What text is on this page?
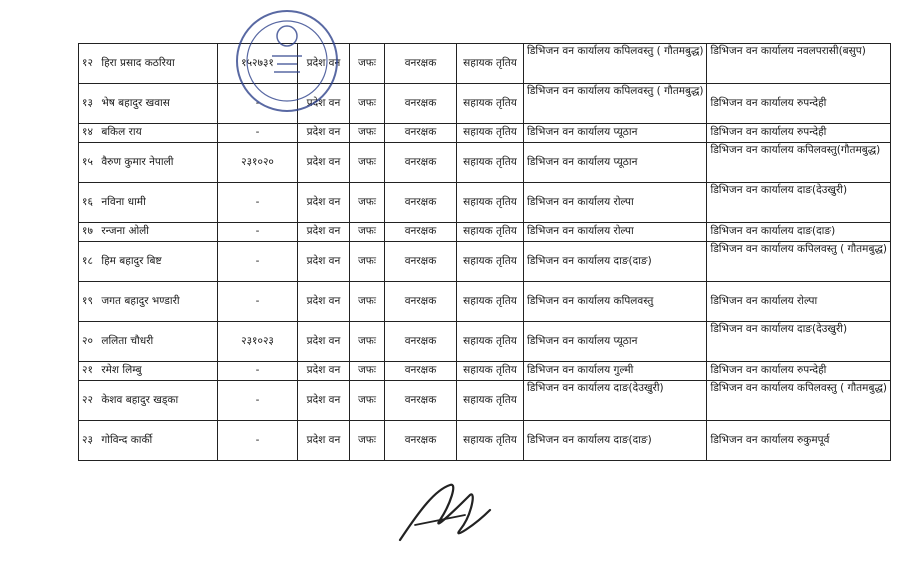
१२ हिरा प्रसाद कठरिया	१५२७३१	प्रदेश वन	जफः	वनरक्षक	सहायक तृतिय	डिभिजन वन कार्यालय कपिलवस्तु ( गौतमबुद्ध)	डिभिजन वन कार्यालय नवलपरासी(बसुप)
१३ भेष बहादुर खवास	-	प्रदेश वन	जफः	वनरक्षक	सहायक तृतिय	डिभिजन वन कार्यालय कपिलवस्तु ( गौतमबुद्ध)	डिभिजन वन कार्यालय रुपन्देही
१४ बकिल राय	-	प्रदेश वन	जफः	वनरक्षक	सहायक तृतिय	डिभिजन वन कार्यालय प्यूठान	डिभिजन वन कार्यालय रुपन्देही
१५ वैरुण कुमार नेपाली	२३१०२०	प्रदेश वन	जफः	वनरक्षक	सहायक तृतिय	डिभिजन वन कार्यालय प्यूठान	डिभिजन वन कार्यालय कपिलवस्तु(गौतमबुद्ध)
१६ नविना धामी	-	प्रदेश वन	जफः	वनरक्षक	सहायक तृतिय	डिभिजन वन कार्यालय रोल्पा	डिभिजन वन कार्यालय दाङ(देउखुरी)
१७ रन्जना ओली	-	प्रदेश वन	जफः	वनरक्षक	सहायक तृतिय	डिभिजन वन कार्यालय रोल्पा	डिभिजन वन कार्यालय दाङ(दाङ)
१८ हिम बहादुर बिष्ट	-	प्रदेश वन	जफः	वनरक्षक	सहायक तृतिय	डिभिजन वन कार्यालय दाङ(दाङ)	डिभिजन वन कार्यालय कपिलवस्तु ( गौतमबुद्ध)
१९ जगत बहादुर भण्डारी	-	प्रदेश वन	जफः	वनरक्षक	सहायक तृतिय	डिभिजन वन कार्यालय कपिलवस्तु	डिभिजन वन कार्यालय रोल्पा
२० ललिता चौधरी	२३१०२३	प्रदेश वन	जफः	वनरक्षक	सहायक तृतिय	डिभिजन वन कार्यालय प्यूठान	डिभिजन वन कार्यालय दाङ(देउखुरी)
२१ रमेश लिम्बु	-	प्रदेश वन	जफः	वनरक्षक	सहायक तृतिय	डिभिजन वन कार्यालय गुल्मी	डिभिजन वन कार्यालय रुपन्देही
२२ केशव बहादुर खड्का	-	प्रदेश वन	जफः	वनरक्षक	सहायक तृतिय	डिभिजन वन कार्यालय दाङ(देउखुरी)	डिभिजन वन कार्यालय कपिलवस्तु ( गौतमबुद्ध)
२३ गोविन्द कार्की	-	प्रदेश वन	जफः	वनरक्षक	सहायक तृतिय	डिभिजन वन कार्यालय दाङ(दाङ)	डिभिजन वन कार्यालय रुकुमपूर्व
